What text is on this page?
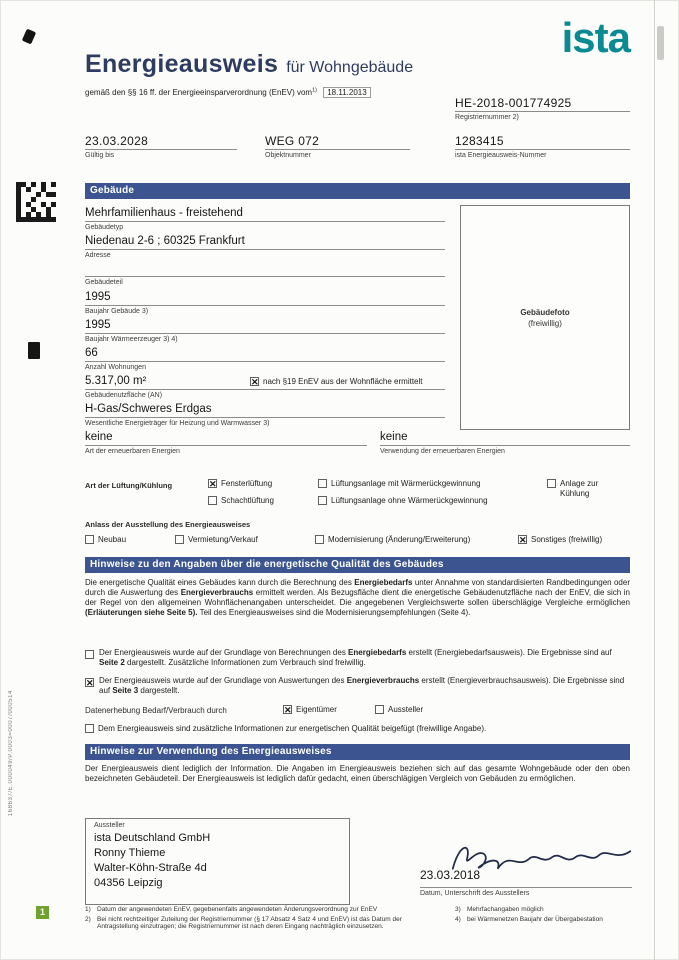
168637/E.000049/P.0003=0007/000514
Energieausweis für Wohngebäude
gemäß den §§ 16 ff. der Energieeinsparverordnung (EnEV) vom$^{1)}$ 18.11.2013
ista
HE-2018-001774925
Registriernummer 2)
23.03.2028
Gültig bis
WEG 072
Objektnummer
1283415
ista Energieausweis-Nummer
Gebäude
Mehrfamilienhaus - freistehend
Gebäudetyp
Niedenau 2-6 ; 60325 Frankfurt
Adresse
Gebäudeteil
1995
Baujahr Gebäude 3)
1995
Baujahr Wärmeerzeuger 3) 4)
66
Anzahl Wohnungen
5.317,00 m²
Gebäudenutzfläche (AN)
✕ nach §19 EnEV aus der Wohnfläche ermittelt
H-Gas/Schweres Erdgas
Wesentliche Energieträger für Heizung und Warmwasser 3)
keine
Art der erneuerbaren Energien
keine
Verwendung der erneuerbaren Energien
Gebäudefoto
(freiwillig)
Art der Lüftung/Kühlung	✕ Fensterlüftung
Schachtlüftung
Lüftungsanlage mit Wärmerückgewinnung
Lüftungsanlage ohne Wärmerückgewinnung
Anlage zur Kühlung
Anlass der Ausstellung des Energieausweises
Neubau	Vermietung/Verkauf	Modernisierung (Änderung/Erweiterung)	✕ Sonstiges (freiwillig)
Hinweise zu den Angaben über die energetische Qualität des Gebäudes
Die energetische Qualität eines Gebäudes kann durch die Berechnung des Energiebedarfs unter Annahme von standardisierten Randbedingungen oder durch die Auswertung des Energieverbrauchs ermittelt werden. Als Bezugsfläche dient die energetische Gebäudenutzfläche nach der EnEV, die sich in der Regel von den allgemeinen Wohnflächenangaben unterscheidet. Die angegebenen Vergleichswerte sollen überschlägige Vergleiche ermöglichen (Erläuterungen siehe Seite 5). Teil des Energieausweises sind die Modernisierungsempfehlungen (Seite 4).
Der Energieausweis wurde auf der Grundlage von Berechnungen des Energiebedarfs erstellt (Energiebedarfsausweis). Die Ergebnisse sind auf Seite 2 dargestellt. Zusätzliche Informationen zum Verbrauch sind freiwillig.
✕ Der Energieausweis wurde auf der Grundlage von Auswertungen des Energieverbrauchs erstellt (Energieverbrauchsausweis). Die Ergebnisse sind auf Seite 3 dargestellt.
Datenerhebung Bedarf/Verbrauch durch	✕ Eigentümer	Aussteller
Dem Energieausweis sind zusätzliche Informationen zur energetischen Qualität beigefügt (freiwillige Angabe).
Hinweise zur Verwendung des Energieausweises
Der Energieausweis dient lediglich der Information. Die Angaben im Energieausweis beziehen sich auf das gesamte Wohngebäude oder den oben bezeichneten Gebäudeteil. Der Energieausweis ist lediglich dafür gedacht, einen überschlägigen Vergleich von Gebäuden zu ermöglichen.
Aussteller
ista Deutschland GmbH
Ronny Thieme
Walter-Köhn-Straße 4d
04356 Leipzig
23.03.2018
Datum, Unterschrift des Ausstellers
1) Datum der angewendeten EnEV, gegebenenfalls angewendeten Änderungsverordnung zur EnEV
2) Bei nicht rechtzeitiger Zuteilung der Registriernummer (§ 17 Absatz 4 Satz 4 und EnEV) ist das Datum der Antragstellung einzutragen; die Registriernummer ist nach deren Eingang nachträglich einzusetzen.
3) Mehrfachangaben möglich
4) bei Wärmenetzen Baujahr der Übergabestation
1
